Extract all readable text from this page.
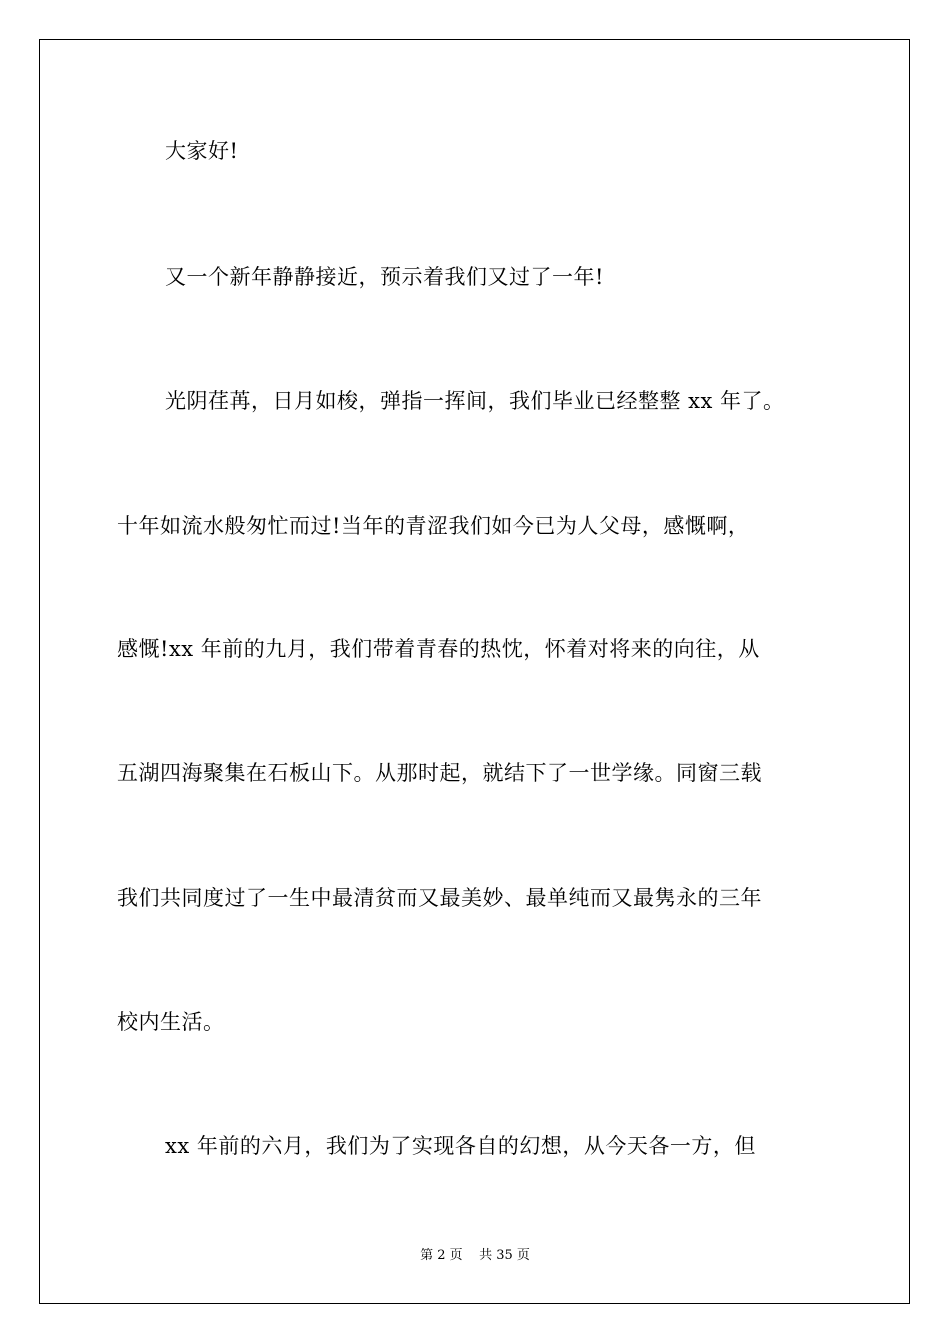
大家好!
又一个新年静静接近，预示着我们又过了一年!
光阴荏苒，日月如梭，弹指一挥间，我们毕业已经整整 xx 年了。
十年如流水般匆忙而过!当年的青涩我们如今已为人父母，感慨啊，
感慨!xx 年前的九月，我们带着青春的热忱，怀着对将来的向往，从
五湖四海聚集在石板山下。从那时起，就结下了一世学缘。同窗三载
我们共同度过了一生中最清贫而又最美妙、最单纯而又最隽永的三年
校内生活。
xx 年前的六月，我们为了实现各自的幻想，从今天各一方，但
第 2 页    共 35 页
